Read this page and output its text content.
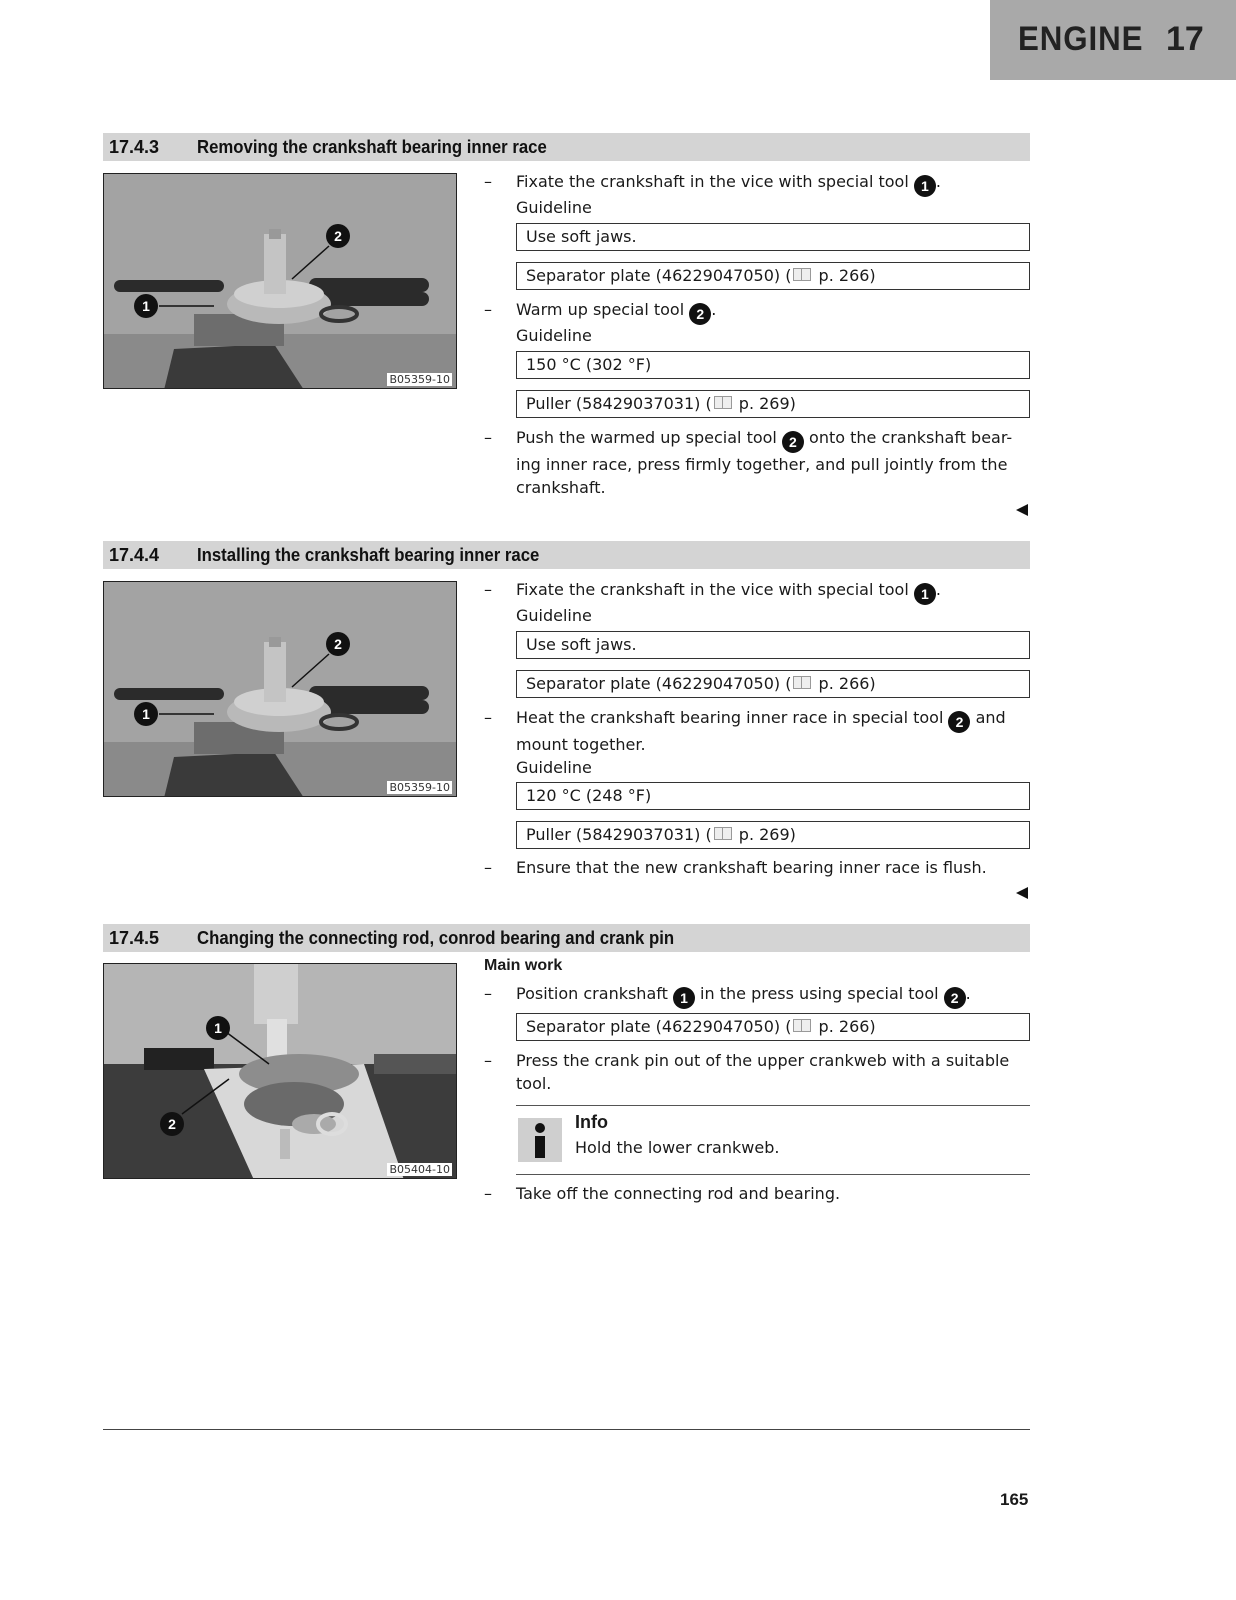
ENGINE 17
17.4.3 Removing the crankshaft bearing inner race
2
1
B05359-10
– Fixate the crankshaft in the vice with special tool 1 .
Guideline
Use soft jaws.
Separator plate (46229047050) ( p. 266)
– Warm up special tool 2 .
Guideline
150 °C (302 °F)
Puller (58429037031) ( p. 269)
– Push the warmed up special tool 2 onto the crankshaft bear-ing inner race, press firmly together, and pull jointly from the crankshaft.
17.4.4 Installing the crankshaft bearing inner race
2
1
B05359-10
– Fixate the crankshaft in the vice with special tool 1 .
Guideline
Use soft jaws.
Separator plate (46229047050) ( p. 266)
– Heat the crankshaft bearing inner race in special tool 2 and mount together.
Guideline
120 °C (248 °F)
Puller (58429037031) ( p. 269)
– Ensure that the new crankshaft bearing inner race is flush.
17.4.5 Changing the connecting rod, conrod bearing and crank pin
1
2
B05404-10
Main work
– Position crankshaft 1 in the press using special tool 2 .
Separator plate (46229047050) ( p. 266)
– Press the crank pin out of the upper crankweb with a suitable tool.
Info
Hold the lower crankweb.
– Take off the connecting rod and bearing.
165
